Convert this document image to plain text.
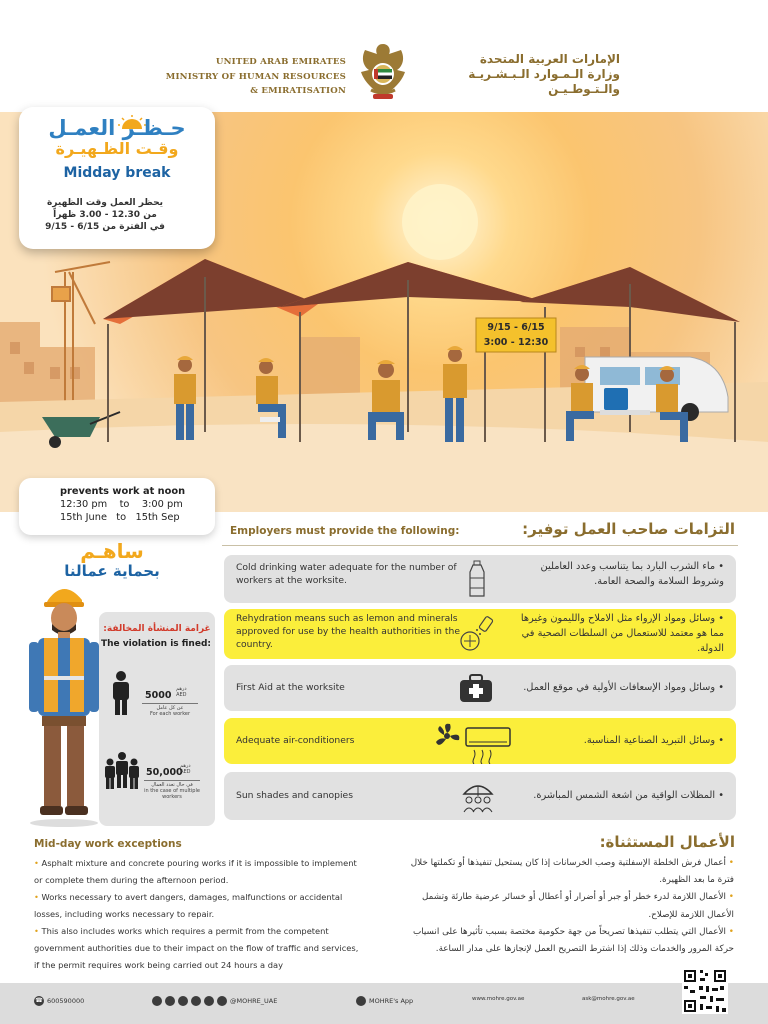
UNITED ARAB EMIRATES
MINISTRY OF HUMAN RESOURCES
& EMIRATISATION
الإمارات العربية المتحدة
وزارة الـمـوارد الـبـشـريـة
والـتـوطـيـن
9/15 - 6/15
3:00 - 12:30
حـظـر العمـل
وقـت الظـهيـرة
Midday break
يحظر العمل وقت الظهيرة
من 12.30 - 3.00 ظهراً
في الفترة من 6/15 - 9/15
prevents work at noon
12:30 pm    to    3:00 pm
15th June   to   15th Sep
ساهـم
بحماية عمالنا
غرامة المنشأة المخالفة:
The violation is fined:
5000
درهم
AED
عن كل عامل
For each worker
50,000
درهم
AED
في حال تعدد العمال
in the case of multiple workers
Employers must provide the following:	التزامات صاحب العمل توفير:
Cold drinking water adequate for the number of workers at the worksite.
• ماء الشرب البارد بما يتناسب وعدد العاملين وشروط السلامة والصحة العامة.
Rehydration means such as lemon and minerals approved for use by the health authorities in the country.
• وسائل ومواد الإرواء مثل الاملاح والليمون وغيرها مما هو معتمد للاستعمال من السلطات الصحية في الدولة.
First Aid at the worksite	• وسائل ومواد الإسعافات الأولية في موقع العمل.
Adequate air-conditioners	• وسائل التبريد الصناعية المناسبة.
Sun shades and canopies	• المظلات الواقية من اشعة الشمس المباشرة.
Mid-day work exceptions	الأعمال المستثناة:

• Asphalt mixture and concrete pouring works if it is impossible to implement or complete them during the afternoon period.

• Works necessary to avert dangers, damages, malfunctions or accidental losses, including works necessary to repair.

• This also includes works which requires a permit from the competent government authorities due to their impact on the flow of traffic and services, if the permit requires work being carried out 24 hours a day

• أعمال فرش الخلطة الإسفلتية وصب الخرسانات إذا كان يستحيل تنفيذها أو تكملتها خلال فترة ما بعد الظهيرة.

• الأعمال اللازمة لدرء خطر أو جبر أو أضرار أو أعطال أو خسائر عرضية طارئة وتشمل الأعمال اللازمة للإصلاح.

• الأعمال التي يتطلب تنفيذها تصريحاً من جهة حكومية مختصة بسبب تأثيرها على انسياب حركة المرور والخدمات وذلك إذا اشترط التصريح العمل لإنجازها على مدار الساعة.

☎ 600590000	@MOHRE_UAE	MOHRE's App	www.mohre.gov.ae	ask@mohre.gov.ae
